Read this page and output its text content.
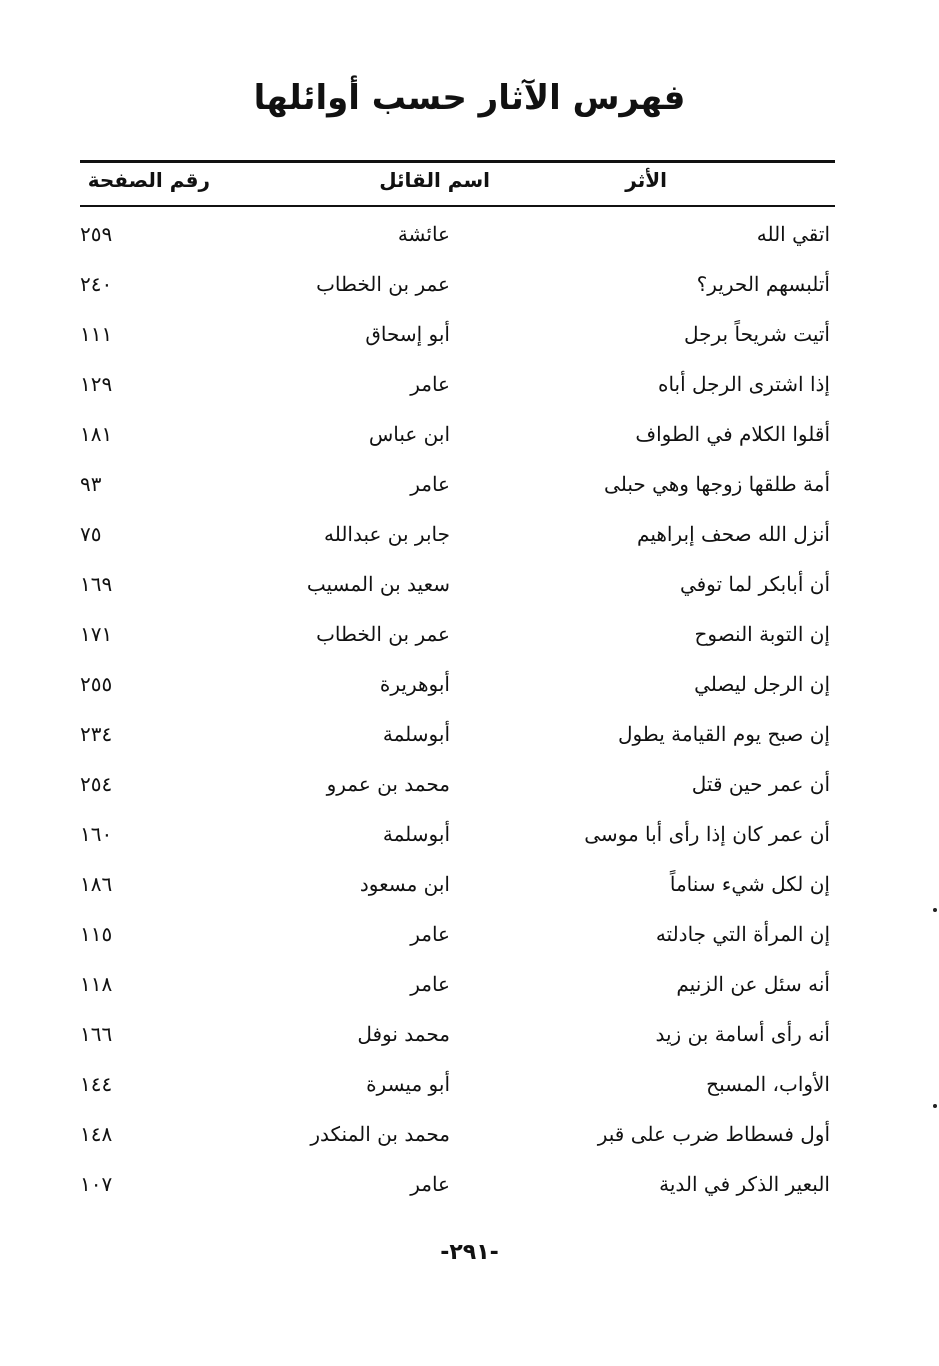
فهرس الآثار حسب أوائلها
الأثر
اسم القائل
رقم الصفحة
اتقي الله
عائشة
٢٥٩
أتلبسهم الحرير؟
عمر بن الخطاب
٢٤٠
أتيت شريحاً برجل
أبو إسحاق
١١١
إذا اشترى الرجل أباه
عامر
١٢٩
أقلوا الكلام في الطواف
ابن عباس
١٨١
أمة طلقها زوجها وهي حبلى
عامر
٩٣
أنزل الله صحف إبراهيم
جابر بن عبدالله
٧٥
أن أبابكر لما توفي
سعيد بن المسيب
١٦٩
إن التوبة النصوح
عمر بن الخطاب
١٧١
إن الرجل ليصلي
أبوهريرة
٢٥٥
إن صبح يوم القيامة يطول
أبوسلمة
٢٣٤
أن عمر حين قتل
محمد بن عمرو
٢٥٤
أن عمر كان إذا رأى أبا موسى
أبوسلمة
١٦٠
إن لكل شيء سناماً
ابن مسعود
١٨٦
إن المرأة التي جادلته
عامر
١١٥
أنه سئل عن الزنيم
عامر
١١٨
أنه رأى أسامة بن زيد
محمد نوفل
١٦٦
الأواب، المسبح
أبو ميسرة
١٤٤
أول فسطاط ضرب على قبر
محمد بن المنكدر
١٤٨
البعير الذكر في الدية
عامر
١٠٧
-٢٩١-
